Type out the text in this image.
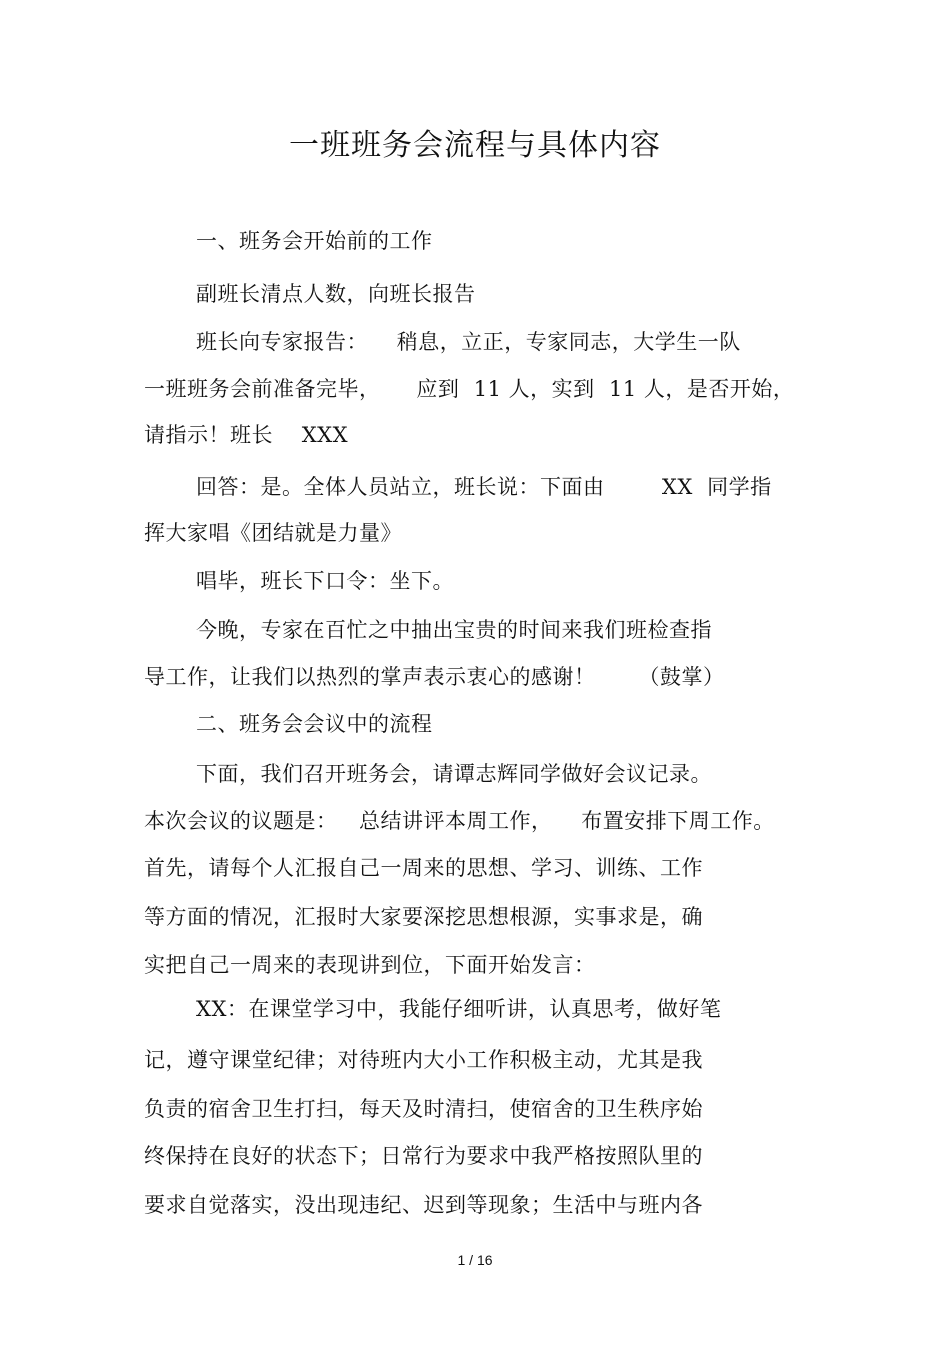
一班班务会流程与具体内容
一、班务会开始前的工作
副班长清点人数，向班长报告
班长向专家报告：    稍息，立正，专家同志，大学生一队
一班班务会前准备完毕，     应到  11 人，实到  11 人，是否开始，
请指示！班长    XXX
回答：是。全体人员站立，班长说：下面由        XX  同学指
挥大家唱《团结就是力量》
唱毕，班长下口令：坐下。
今晚，专家在百忙之中抽出宝贵的时间来我们班检查指
导工作，让我们以热烈的掌声表示衷心的感谢！      （鼓掌）
二、班务会会议中的流程
下面，我们召开班务会，请谭志辉同学做好会议记录。
本次会议的议题是：   总结讲评本周工作，    布置安排下周工作。
首先，请每个人汇报自己一周来的思想、学习、训练、工作
等方面的情况，汇报时大家要深挖思想根源，实事求是，确
实把自己一周来的表现讲到位，下面开始发言：
XX：在课堂学习中，我能仔细听讲，认真思考，做好笔
记，遵守课堂纪律；对待班内大小工作积极主动，尤其是我
负责的宿舍卫生打扫，每天及时清扫，使宿舍的卫生秩序始
终保持在良好的状态下；日常行为要求中我严格按照队里的
要求自觉落实，没出现违纪、迟到等现象；生活中与班内各
1 / 16
